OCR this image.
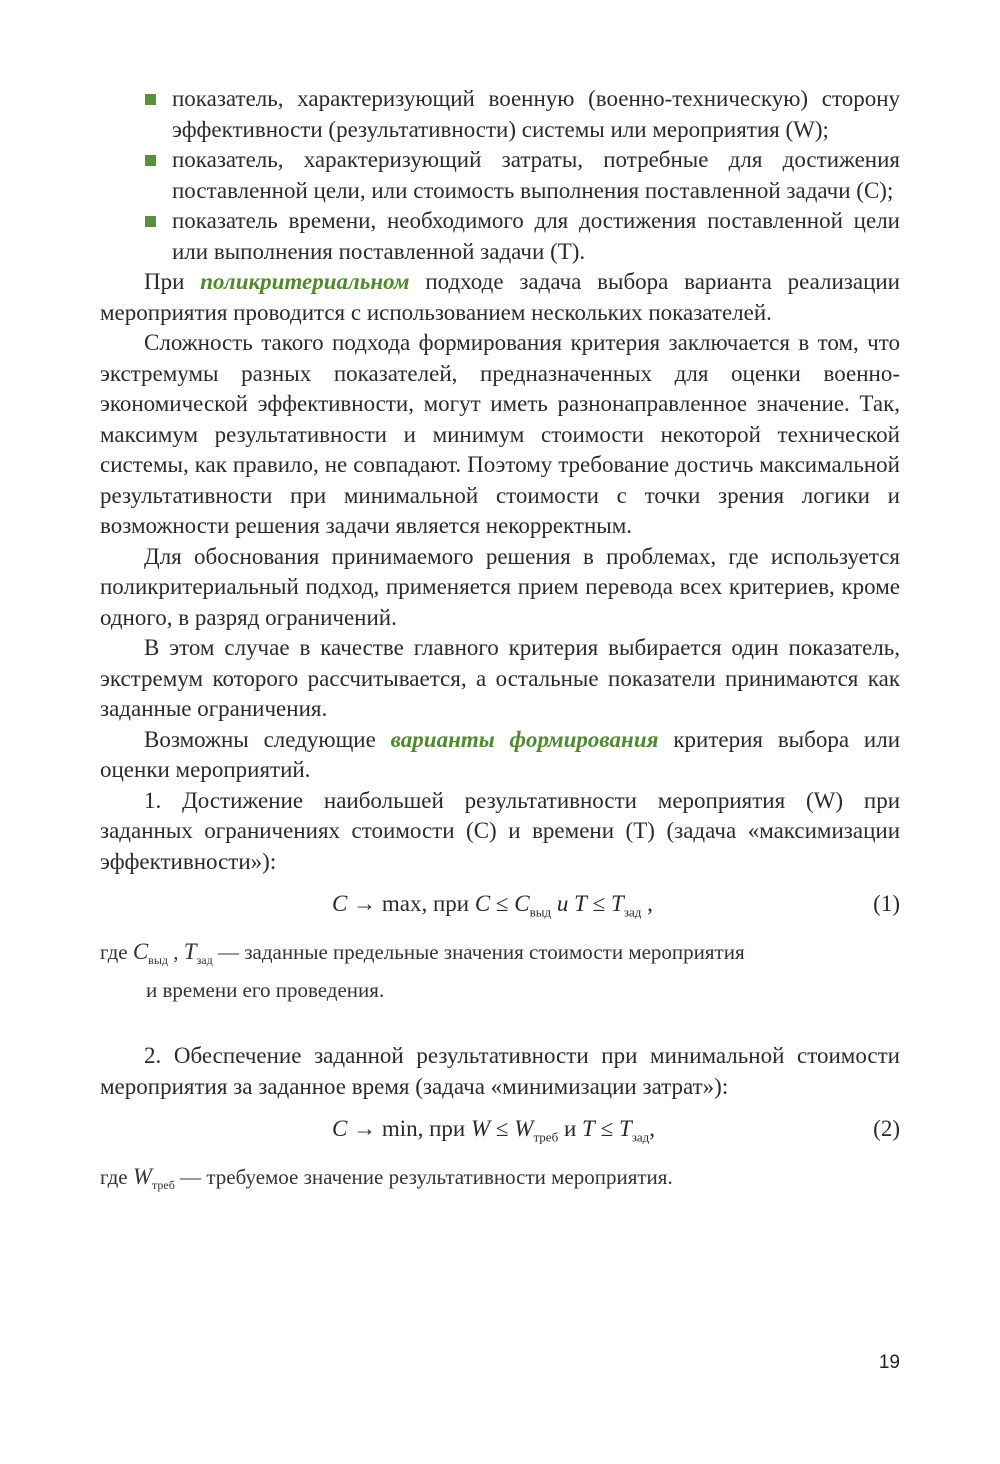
показатель, характеризующий военную (военно-техническую) сторону эффективности (результативности) системы или мероприятия (W);
показатель, характеризующий затраты, потребные для достижения поставленной цели, или стоимость выполнения поставленной задачи (С);
показатель времени, необходимого для достижения поставленной цели или выполнения поставленной задачи (Т).

При поликритериальном подходе задача выбора варианта реализации мероприятия проводится с использованием нескольких показателей.

Сложность такого подхода формирования критерия заключается в том, что экстремумы разных показателей, предназначенных для оценки военно-экономической эффективности, могут иметь разнонаправленное значение. Так, максимум результативности и минимум стоимости некоторой технической системы, как правило, не совпадают. Поэтому требование достичь максимальной результативности при минимальной стоимости с точки зрения логики и возможности решения задачи является некорректным.

Для обоснования принимаемого решения в проблемах, где используется поликритериальный подход, применяется прием перевода всех критериев, кроме одного, в разряд ограничений.

В этом случае в качестве главного критерия выбирается один показатель, экстремум которого рассчитывается, а остальные показатели принимаются как заданные ограничения.

Возможны следующие варианты формирования критерия выбора или оценки мероприятий.

1. Достижение наибольшей результативности мероприятия (W) при заданных ограничениях стоимости (C) и времени (T) (задача «максимизации эффективности»):

C → max, при $C \le C_{выд}$ и $T \le T_{зад}$ ,	(1)
где $C_{выд}$ , $T_{зад}$ — заданные предельные значения стоимости мероприятия
и времени его проведения.

2. Обеспечение заданной результативности при минимальной стоимости мероприятия за заданное время (задача «минимизации затрат»):

C → min, при $W \le W_{треб}$ и $T \le T_{зад}$,	(2)
где $W_{треб}$ — требуемое значение результативности мероприятия.
19
